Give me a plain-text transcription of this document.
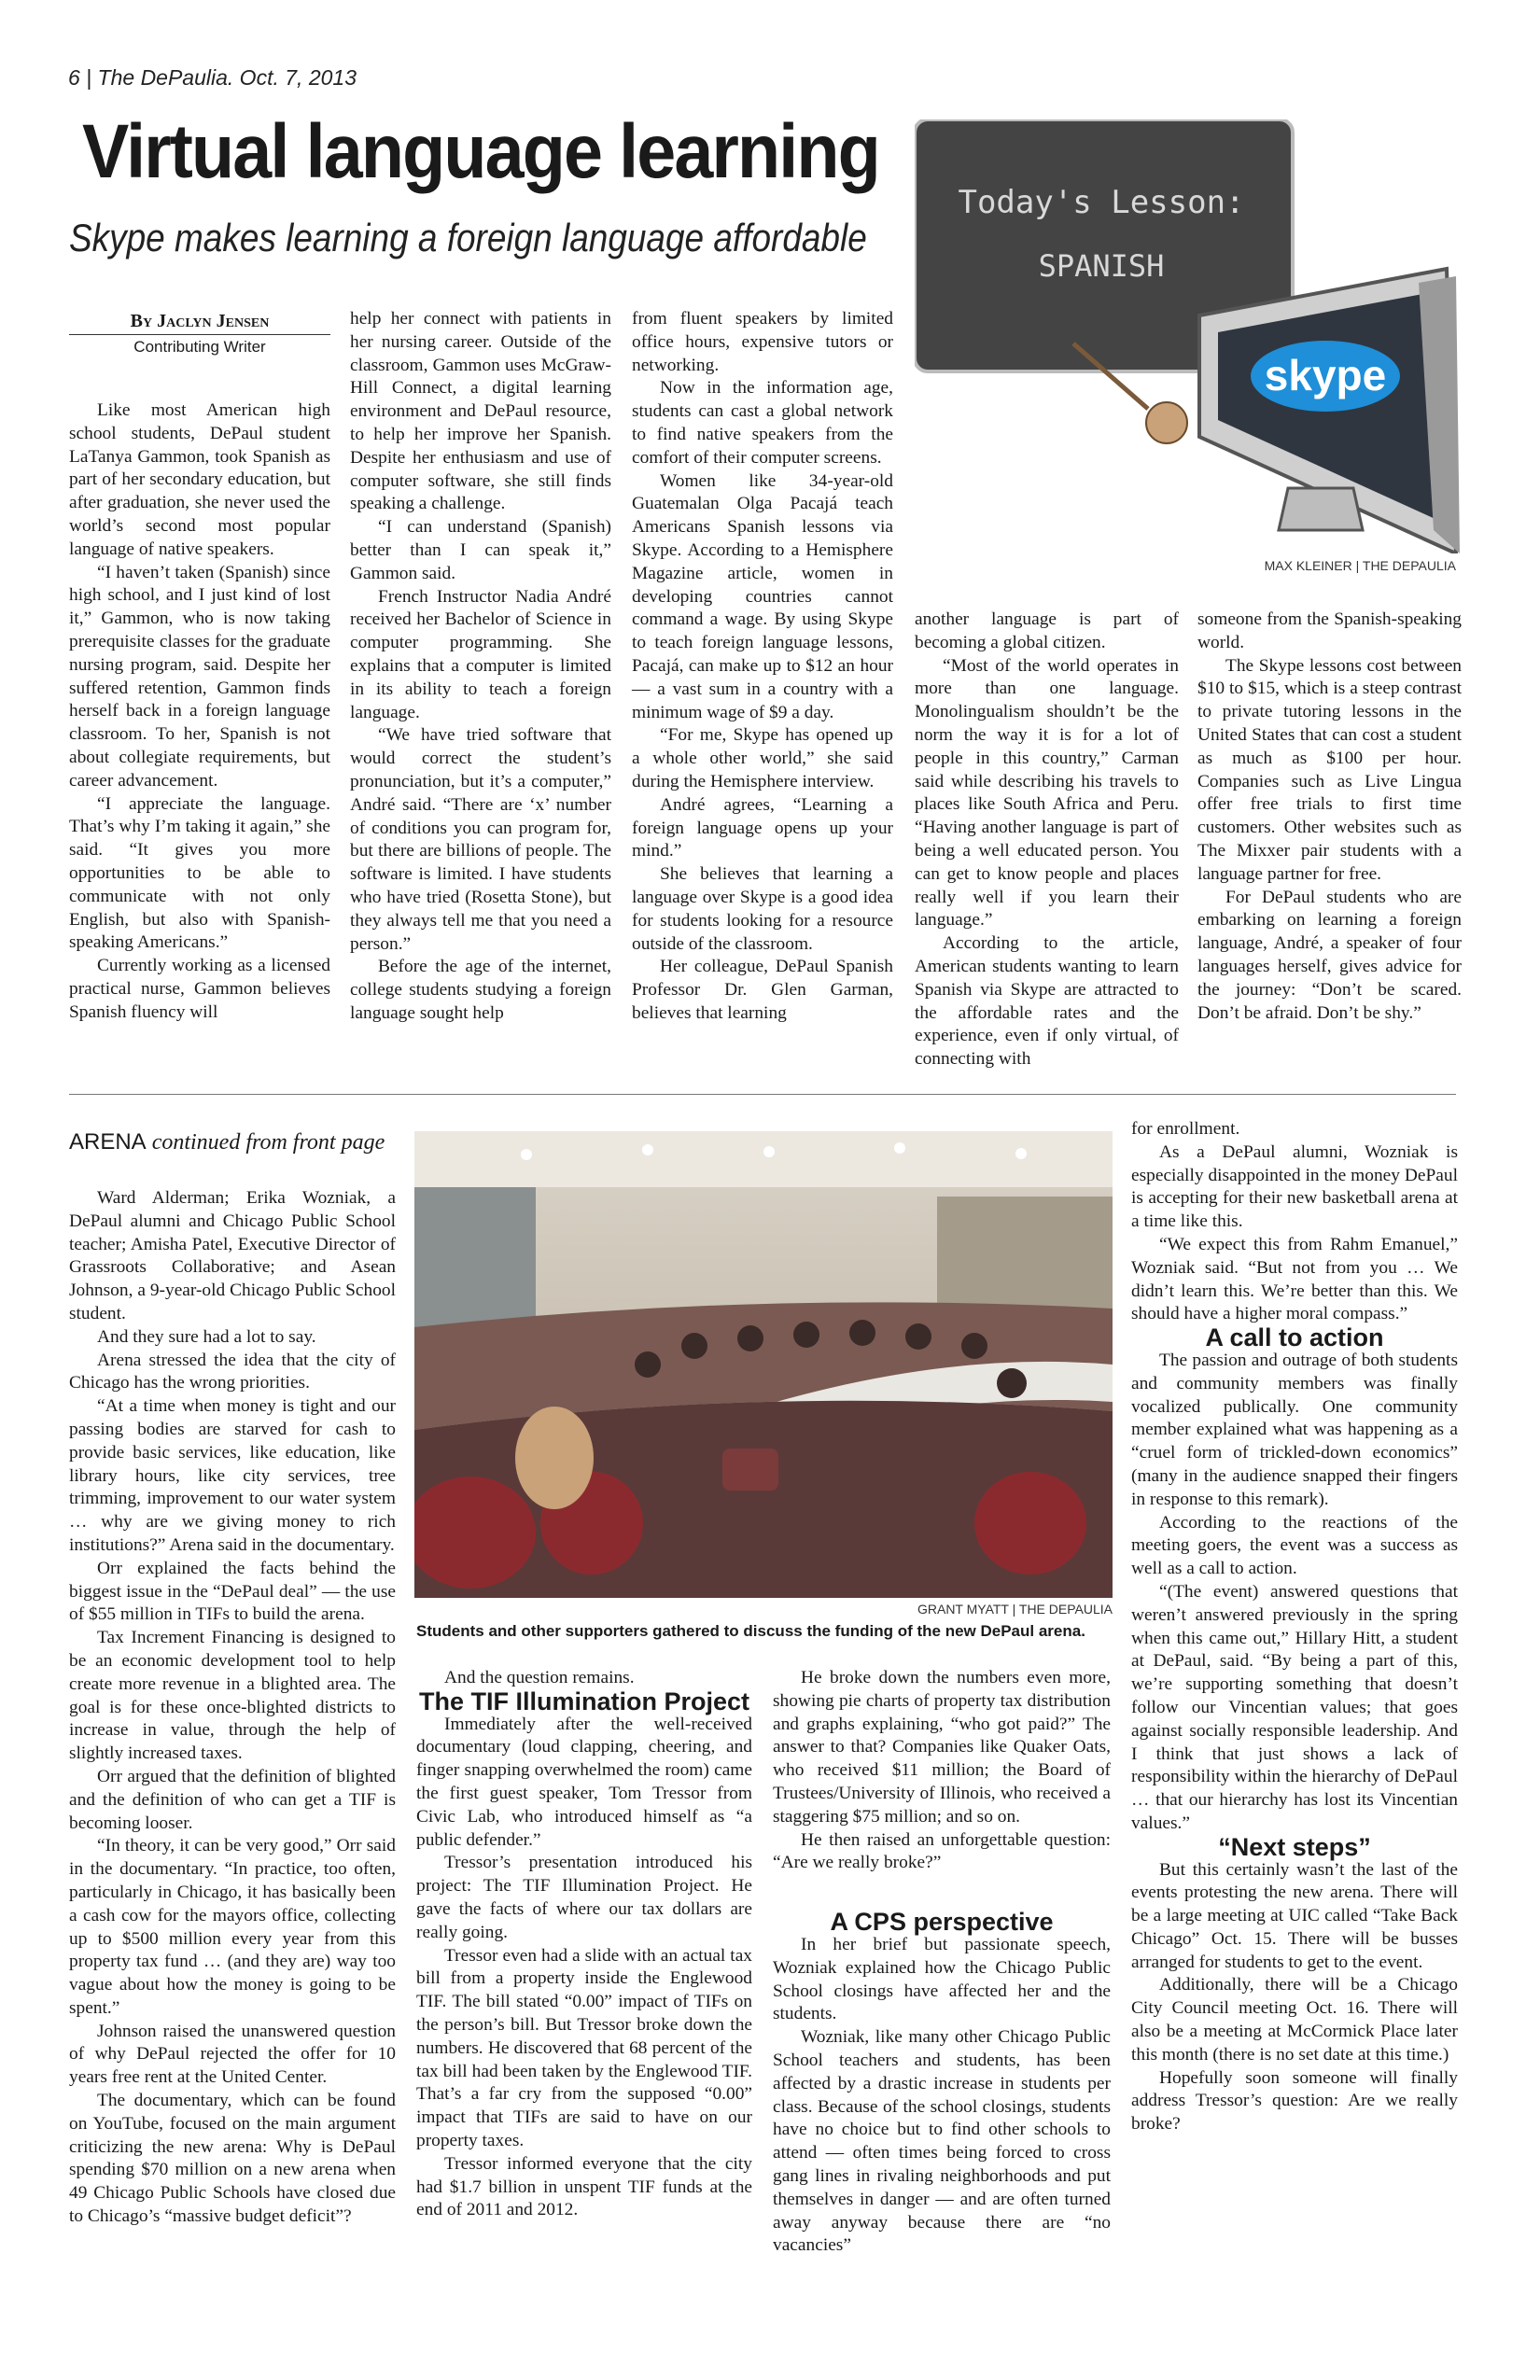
6 | The DePaulia. Oct. 7, 2013
Virtual language learning
Skype makes learning a foreign language affordable
By Jaclyn Jensen
Contributing Writer
Today's Lesson:
SPANISH
skype
MAX KLEINER | THE DEPAULIA

Like most American high school students, DePaul student LaTanya Gammon, took Spanish as part of her secondary education, but after graduation, she never used the world’s second most popular language of native speakers.

“I haven’t taken (Spanish) since high school, and I just kind of lost it,” Gammon, who is now taking prerequisite classes for the graduate nursing program, said. Despite her suffered retention, Gammon finds herself back in a foreign language classroom. To her, Spanish is not about collegiate requirements, but career advancement.

“I appreciate the language. That’s why I’m taking it again,” she said. “It gives you more opportunities to be able to communicate with not only English, but also with Spanish-speaking Americans.”

Currently working as a licensed practical nurse, Gammon believes Spanish fluency will

help her connect with patients in her nursing career. Outside of the classroom, Gammon uses McGraw-Hill Connect, a digital learning environment and DePaul resource, to help her improve her Spanish. Despite her enthusiasm and use of computer software, she still finds speaking a challenge.

“I can understand (Spanish) better than I can speak it,” Gammon said.

French Instructor Nadia André received her Bachelor of Science in computer programming. She explains that a computer is limited in its ability to teach a foreign language.

“We have tried software that would correct the student’s pronunciation, but it’s a computer,” André said. “There are ‘x’ number of conditions you can program for, but there are billions of people. The software is limited. I have students who have tried (Rosetta Stone), but they always tell me that you need a person.”

Before the age of the internet, college students studying a foreign language sought help

from fluent speakers by limited office hours, expensive tutors or networking.

Now in the information age, students can cast a global network to find native speakers from the comfort of their computer screens.

Women like 34-year-old Guatemalan Olga Pacajá teach Americans Spanish lessons via Skype. According to a Hemisphere Magazine article, women in developing countries cannot command a wage. By using Skype to teach foreign language lessons, Pacajá, can make up to $12 an hour — a vast sum in a country with a minimum wage of $9 a day.

“For me, Skype has opened up a whole other world,” she said during the Hemisphere interview.

André agrees, “Learning a foreign language opens up your mind.”

She believes that learning a language over Skype is a good idea for students looking for a resource outside of the classroom.

Her colleague, DePaul Spanish Professor Dr. Glen Garman, believes that learning

another language is part of becoming a global citizen.

“Most of the world operates in more than one language. Monolingualism shouldn’t be the norm the way it is for a lot of people in this country,” Carman said while describing his travels to places like South Africa and Peru. “Having another language is part of being a well educated person. You can get to know people and places really well if you learn their language.”

According to the article, American students wanting to learn Spanish via Skype are attracted to the affordable rates and the experience, even if only virtual, of connecting with

someone from the Spanish-speaking world.

The Skype lessons cost between $10 to $15, which is a steep contrast to private tutoring lessons in the United States that can cost a student as much as $100 per hour. Companies such as Live Lingua offer free trials to first time customers. Other websites such as The Mixxer pair students with a language partner for free.

For DePaul students who are embarking on learning a foreign language, André, a speaker of four languages herself, gives advice for the journey: “Don’t be scared. Don’t be afraid. Don’t be shy.”

ARENA continued from front page
GRANT MYATT | THE DEPAULIA
Students and other supporters gathered to discuss the funding of the new DePaul arena.

Ward Alderman; Erika Wozniak, a DePaul alumni and Chicago Public School teacher; Amisha Patel, Executive Director of Grassroots Collaborative; and Asean Johnson, a 9-year-old Chicago Public School student.

And they sure had a lot to say.

Arena stressed the idea that the city of Chicago has the wrong priorities.

“At a time when money is tight and our passing bodies are starved for cash to provide basic services, like education, like library hours, like city services, tree trimming, improvement to our water system … why are we giving money to rich institutions?” Arena said in the documentary.

Orr explained the facts behind the biggest issue in the “DePaul deal” — the use of $55 million in TIFs to build the arena.

Tax Increment Financing is designed to be an economic development tool to help create more revenue in a blighted area. The goal is for these once-blighted districts to increase in value, through the help of slightly increased taxes.

Orr argued that the definition of blighted and the definition of who can get a TIF is becoming looser.

“In theory, it can be very good,” Orr said in the documentary. “In practice, too often, particularly in Chicago, it has basically been a cash cow for the mayors office, collecting up to $500 million every year from this property tax fund … (and they are) way too vague about how the money is going to be spent.”

Johnson raised the unanswered question of why DePaul rejected the offer for 10 years free rent at the United Center.

The documentary, which can be found on YouTube, focused on the main argument criticizing the new arena: Why is DePaul spending $70 million on a new arena when 49 Chicago Public Schools have closed due to Chicago’s “massive budget deficit”?

And the question remains.

The TIF Illumination Project

Immediately after the well-received documentary (loud clapping, cheering, and finger snapping overwhelmed the room) came the first guest speaker, Tom Tressor from Civic Lab, who introduced himself as “a public defender.”

Tressor’s presentation introduced his project: The TIF Illumination Project. He gave the facts of where our tax dollars are really going.

Tressor even had a slide with an actual tax bill from a property inside the Englewood TIF. The bill stated “0.00” impact of TIFs on the person’s bill. But Tressor broke down the numbers. He discovered that 68 percent of the tax bill had been taken by the Englewood TIF. That’s a far cry from the supposed “0.00” impact that TIFs are said to have on our property taxes.

Tressor informed everyone that the city had $1.7 billion in unspent TIF funds at the end of 2011 and 2012.

He broke down the numbers even more, showing pie charts of property tax distribution and graphs explaining, “who got paid?” The answer to that? Companies like Quaker Oats, who received $11 million; the Board of Trustees/University of Illinois, who received a staggering $75 million; and so on.

He then raised an unforgettable question: “Are we really broke?”

A CPS perspective

In her brief but passionate speech, Wozniak explained how the Chicago Public School closings have affected her and the students.

Wozniak, like many other Chicago Public School teachers and students, has been affected by a drastic increase in students per class. Because of the school closings, students have no choice but to find other schools to attend — often times being forced to cross gang lines in rivaling neighborhoods and put themselves in danger — and are often turned away anyway because there are “no vacancies”

for enrollment.

As a DePaul alumni, Wozniak is especially disappointed in the money DePaul is accepting for their new basketball arena at a time like this.

“We expect this from Rahm Emanuel,” Wozniak said. “But not from you … We didn’t learn this. We’re better than this. We should have a higher moral compass.”

A call to action

The passion and outrage of both students and community members was finally vocalized publically. One community member explained what was happening as a “cruel form of trickled-down economics” (many in the audience snapped their fingers in response to this remark).

According to the reactions of the meeting goers, the event was a success as well as a call to action.

“(The event) answered questions that weren’t answered previously in the spring when this came out,” Hillary Hitt, a student at DePaul, said. “By being a part of this, we’re supporting something that doesn’t follow our Vincentian values; that goes against socially responsible leadership. And I think that just shows a lack of responsibility within the hierarchy of DePaul … that our hierarchy has lost its Vincentian values.”

“Next steps”

But this certainly wasn’t the last of the events protesting the new arena. There will be a large meeting at UIC called “Take Back Chicago” Oct. 15. There will be busses arranged for students to get to the event.

Additionally, there will be a Chicago City Council meeting Oct. 16. There will also be a meeting at McCormick Place later this month (there is no set date at this time.)

Hopefully soon someone will finally address Tressor’s question: Are we really broke?
